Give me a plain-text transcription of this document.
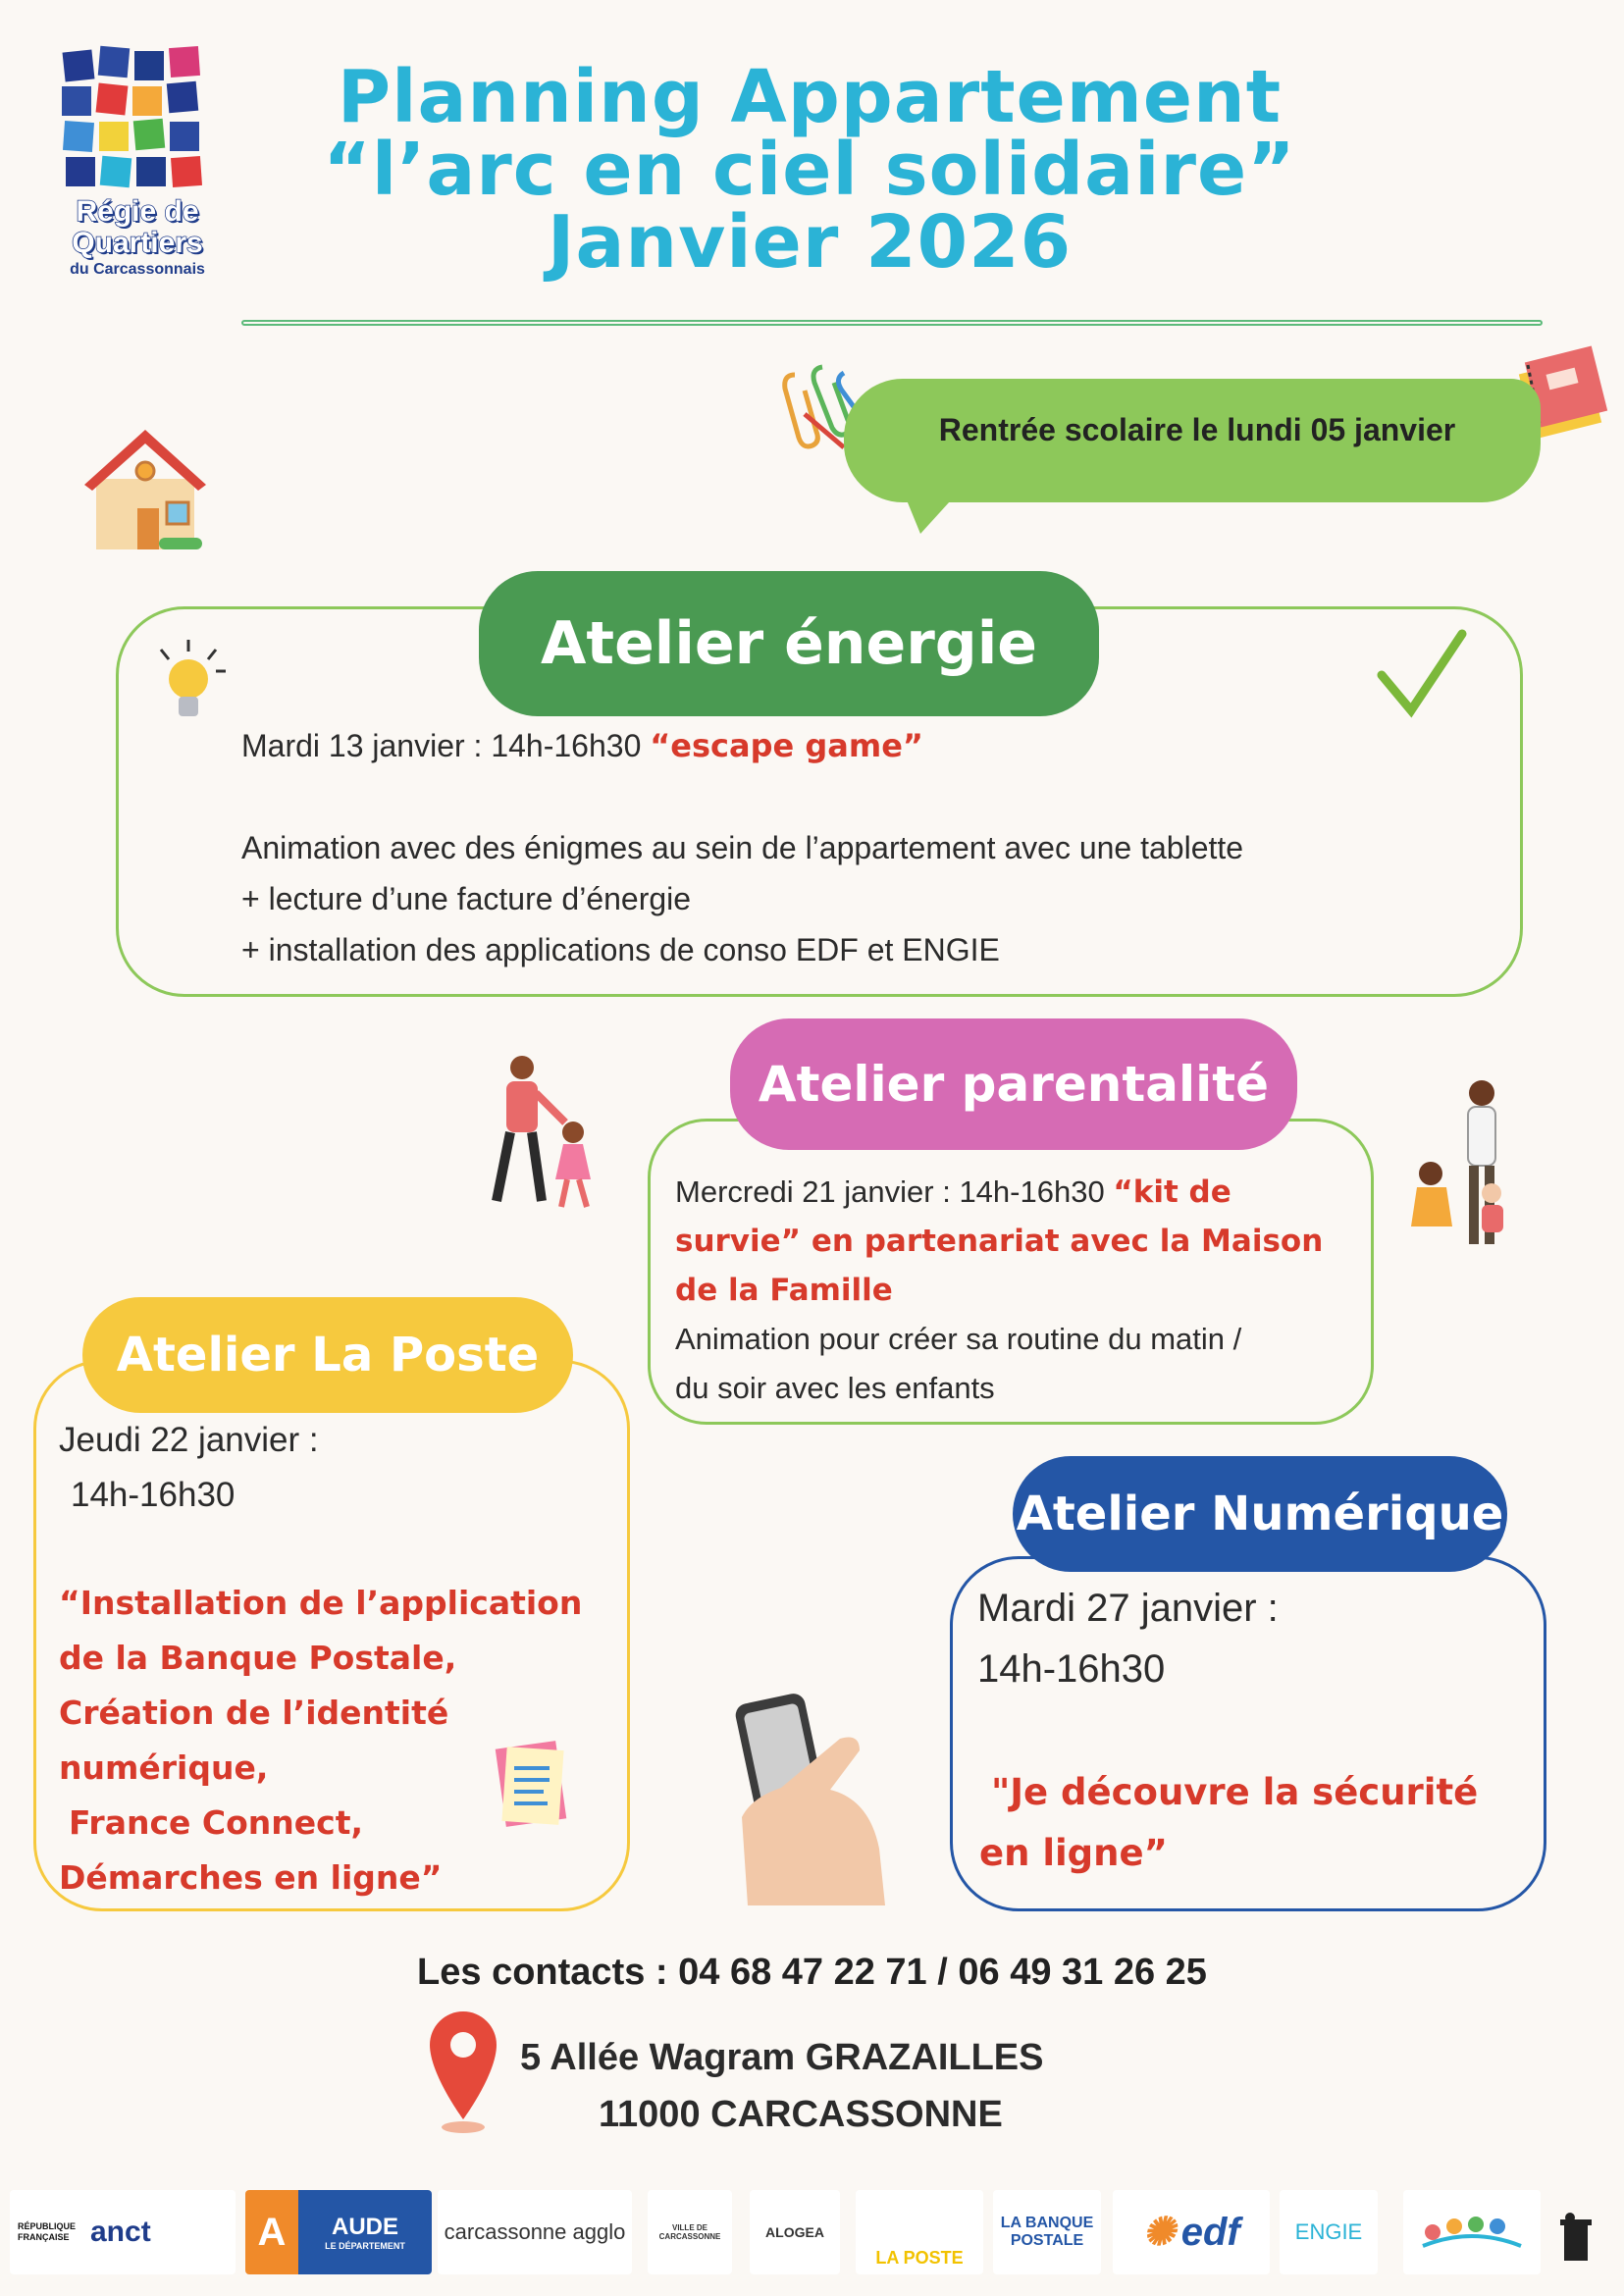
Régie de
Quartiers
du Carcassonnais
Planning Appartement
“l’arc en ciel solidaire”
Janvier 2026
Rentrée scolaire le lundi 05 janvier
Atelier énergie
Mardi 13 janvier : 14h-16h30 “escape game”
Animation avec des énigmes au sein de l’appartement avec une tablette
+ lecture d’une facture d’énergie
+ installation des applications de conso EDF et ENGIE
Atelier parentalité
Mercredi 21 janvier : 14h-16h30 “kit de
survie” en partenariat avec la Maison
de la Famille
Animation pour créer sa routine du matin /
du soir avec les enfants
Atelier La Poste
Jeudi 22 janvier :
14h-16h30
“Installation de l’application
de la Banque Postale,
Création de l’identité
numérique,
France Connect,
Démarches en ligne”
Atelier Numérique
Mardi 27 janvier :
14h-16h30
"Je découvre la sécurité
en ligne”
Les contacts : 04 68 47 22 71 / 06 49 31 26 25
5 Allée Wagram GRAZAILLES
11000 CARCASSONNE
RÉPUBLIQUE FRANÇAISE anct	A	AUDE
LE DÉPARTEMENT
carcassonne agglo	VILLE DE CARCASSONNE	ALOGEA
LA POSTE
LA BANQUE POSTALE	✺ edf	ENGIE
